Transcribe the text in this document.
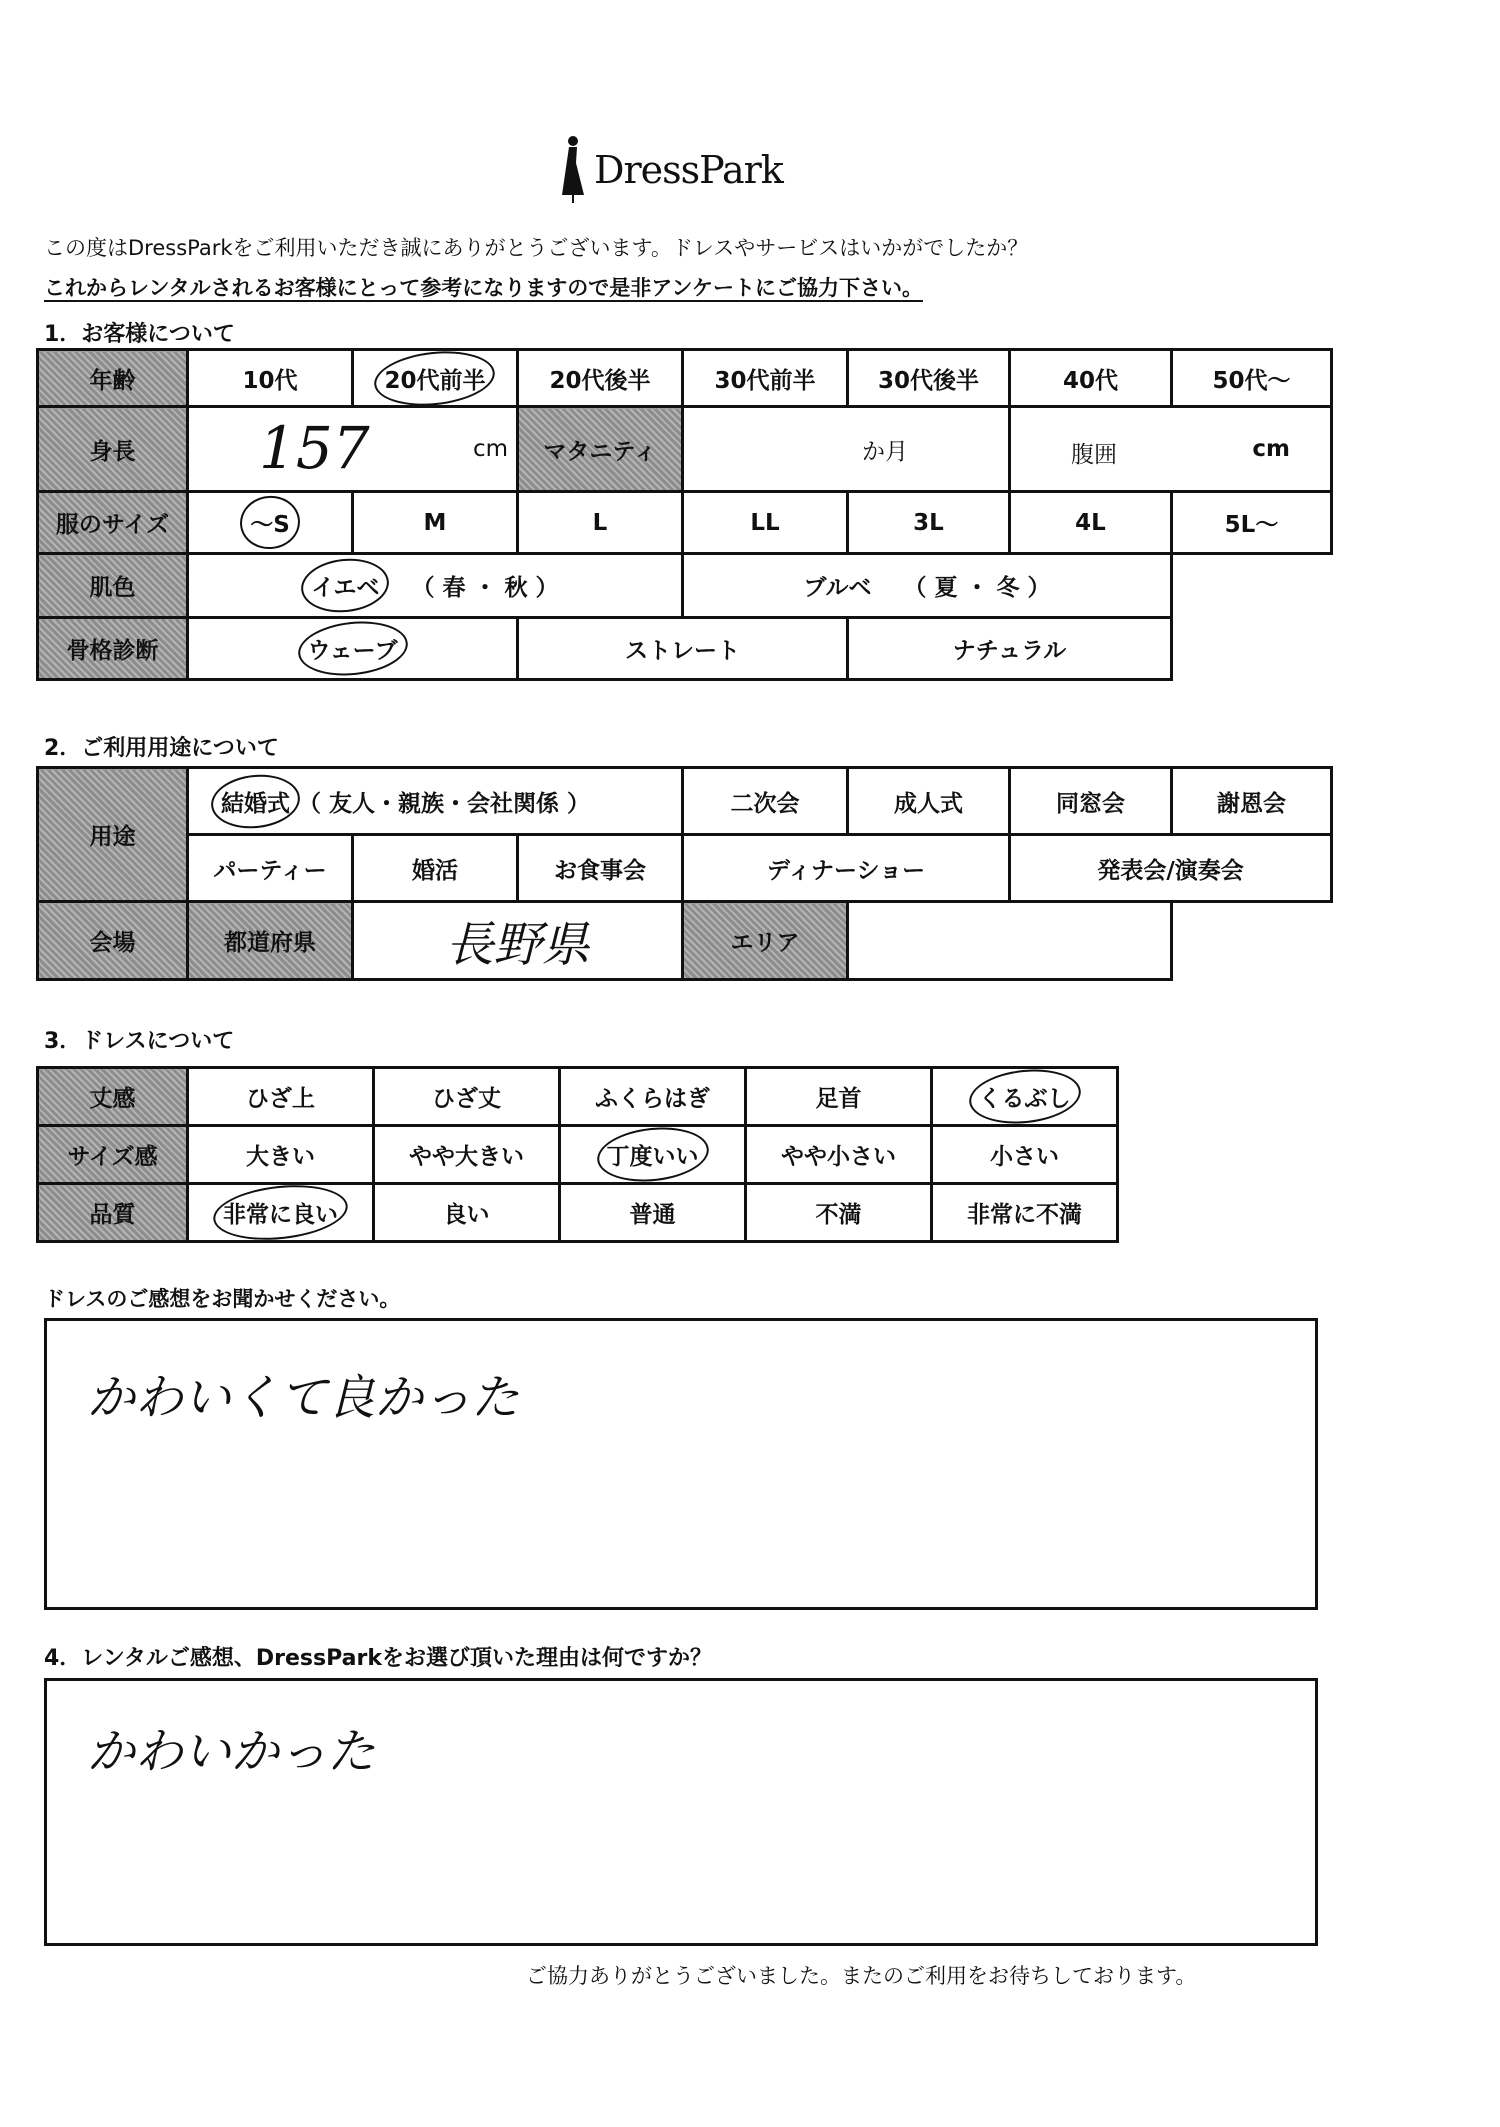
DressPark
この度はDressParkをご利用いただき誠にありがとうございます。ドレスやサービスはいかがでしたか？
これからレンタルされるお客様にとって参考になりますので是非アンケートにご協力下さい。
1．お客様について
年齢	10代	20代前半	20代後半	30代前半	30代後半	40代	50代～
身長	157 cm		マタニティ	か月		腹囲 cm	

服のサイズ	～S	M	L	LL	3L	4L	5L～
肌色	イエベ （ 春 ・ 秋 ）			ブルベ （ 夏 ・ 冬 ）			
骨格診断	ウェーブ		ストレート		ナチュラル		
2．ご利用用途について
用途	結婚式 （ 友人・親族・会社関係 ）			二次会	成人式	同窓会	謝恩会
	パーティー	婚活	お食事会	ディナーショー		発表会/演奏会	
会場	都道府県	長野県		エリア			
3．ドレスについて
丈感	ひざ上	ひざ丈	ふくらはぎ	足首	くるぶし
サイズ感	大きい	やや大きい	丁度いい	やや小さい	小さい
品質	非常に良い	良い	普通	不満	非常に不満
ドレスのご感想をお聞かせください。
かわいくて良かった
4．レンタルご感想、DressParkをお選び頂いた理由は何ですか？
かわいかった
ご協力ありがとうございました。またのご利用をお待ちしております。
